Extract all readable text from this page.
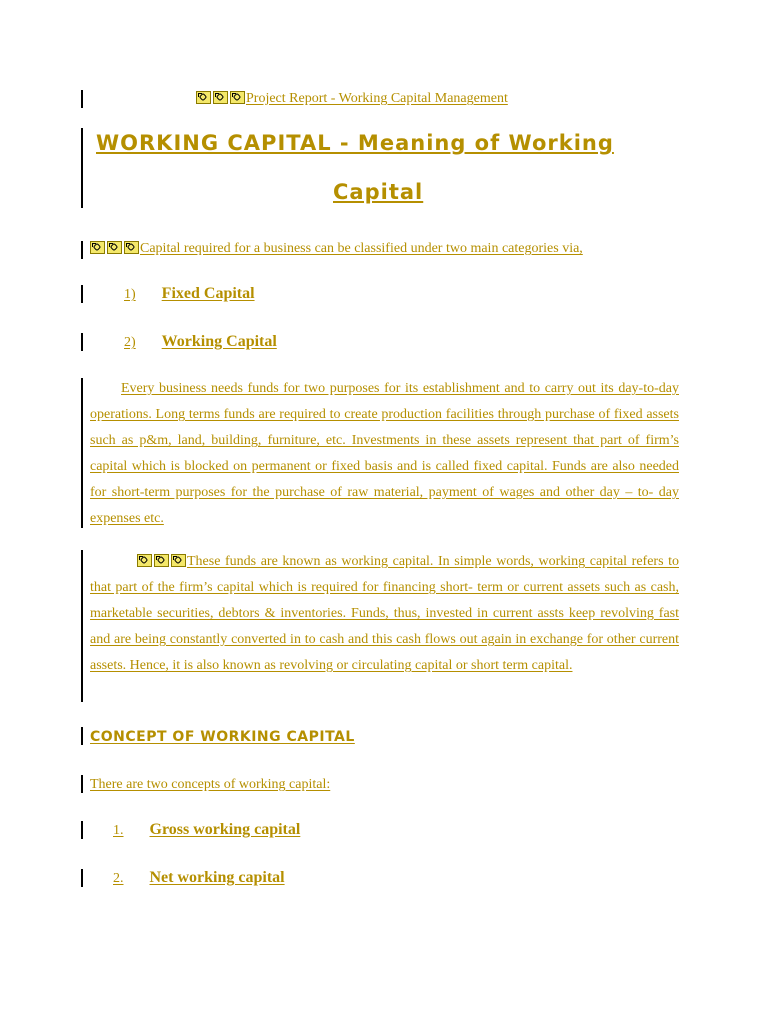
Project Report - Working Capital Management
WORKING CAPITAL - Meaning of Working
Capital
Capital required for a business can be classified under two main categories via,
1) Fixed Capital
2) Working Capital
Every business needs funds for two purposes for its establishment and to carry out its day-to-day operations. Long terms funds are required to create production facilities through purchase of fixed assets such as p&m, land, building, furniture, etc. Investments in these assets represent that part of firm’s capital which is blocked on permanent or fixed basis and is called fixed capital. Funds are also needed for short-term purposes for the purchase of raw material, payment of wages and other day – to- day expenses etc.
These funds are known as working capital. In simple words, working capital refers to that part of the firm’s capital which is required for financing short- term or current assets such as cash, marketable securities, debtors & inventories. Funds, thus, invested in current assts keep revolving fast and are being constantly converted in to cash and this cash flows out again in exchange for other current assets. Hence, it is also known as revolving or circulating capital or short term capital.
CONCEPT OF WORKING CAPITAL
There are two concepts of working capital:
1. Gross working capital
2. Net working capital
